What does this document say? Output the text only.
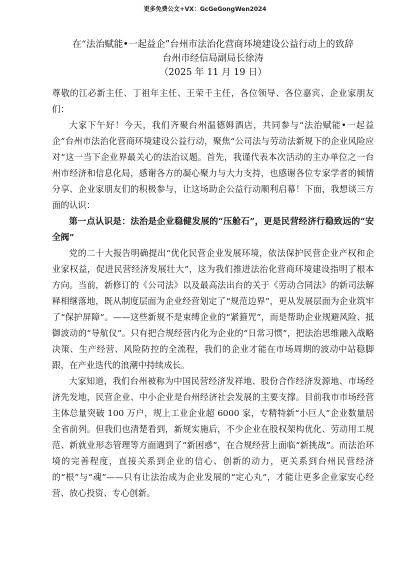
更多免费公文+VX：GcGeGongWen2024

在“法治赋能•一起益企”台州市法治化营商环境建设公益行动上的致辞

台州市经信局副局长徐涛

（2025 年 11 月 19 日）

尊敬的江必新主任、丁祖年主任、王荣千主任，各位领导、各位嘉宾、企业家朋友们：

大家下午好！今天，我们齐聚台州温德姆酒店，共同参与“法治赋能•一起益企”台州市法治化营商环境建设公益行动，聚焦“公司法与劳动法新规下的企业风险应对”这一当下企业界最关心的法治议题。首先，我谨代表本次活动的主办单位之一台州市经济和信息化局，感谢各方的凝心聚力与大力支持，也感谢各位专家学者的倾情分享、企业家朋友们的积极参与，让这场助企公益行动顺利启幕！下面，我想谈三方面的认识：

第一点认识是：法治是企业稳健发展的“压舱石”，更是民营经济行稳致远的“安全阀”

党的二十大报告明确提出“优化民营企业发展环境，依法保护民营企业产权和企业家权益，促进民营经济发展壮大”，这为我们推进法治化营商环境建设指明了根本方向。当前，新修订的《公司法》以及最高法出台的关于《劳动合同法》的新司法解释相继落地，既从制度层面为企业经营划定了“规范边界”，更从发展层面为企业筑牢了“保护屏障”。——这些新规不是束缚企业的“紧箍咒”，而是帮助企业规避风险、抵御波动的“导航仪”。只有把合规经营内化为企业的“日常习惯”，把法治思维融入战略决策、生产经营、风险防控的全流程，我们的企业才能在市场周期的波动中站稳脚跟，在产业迭代的浪潮中持续成长。

大家知道，我们台州被称为中国民营经济发祥地、股份合作经济发源地、市场经济先发地，民营企业、中小企业是台州经济社会发展的主要支撑。目前我市市场经营主体总量突破 100 万户，规上工业企业超 6000 家，专精特新“小巨人”企业数量居全省前列。但我们也清楚看到，新规实施后，不少企业在股权架构优化、劳动用工规范、新就业形态管理等方面遇到了“新困惑”，在合规经营上面临“新挑战”。而法治环境的完善程度，直接关系到企业的信心、创新的动力，更关系到台州民营经济的“根”与“魂”——只有让法治成为企业发展的“定心丸”，才能让更多企业家安心经营、放心投资、专心创新。
